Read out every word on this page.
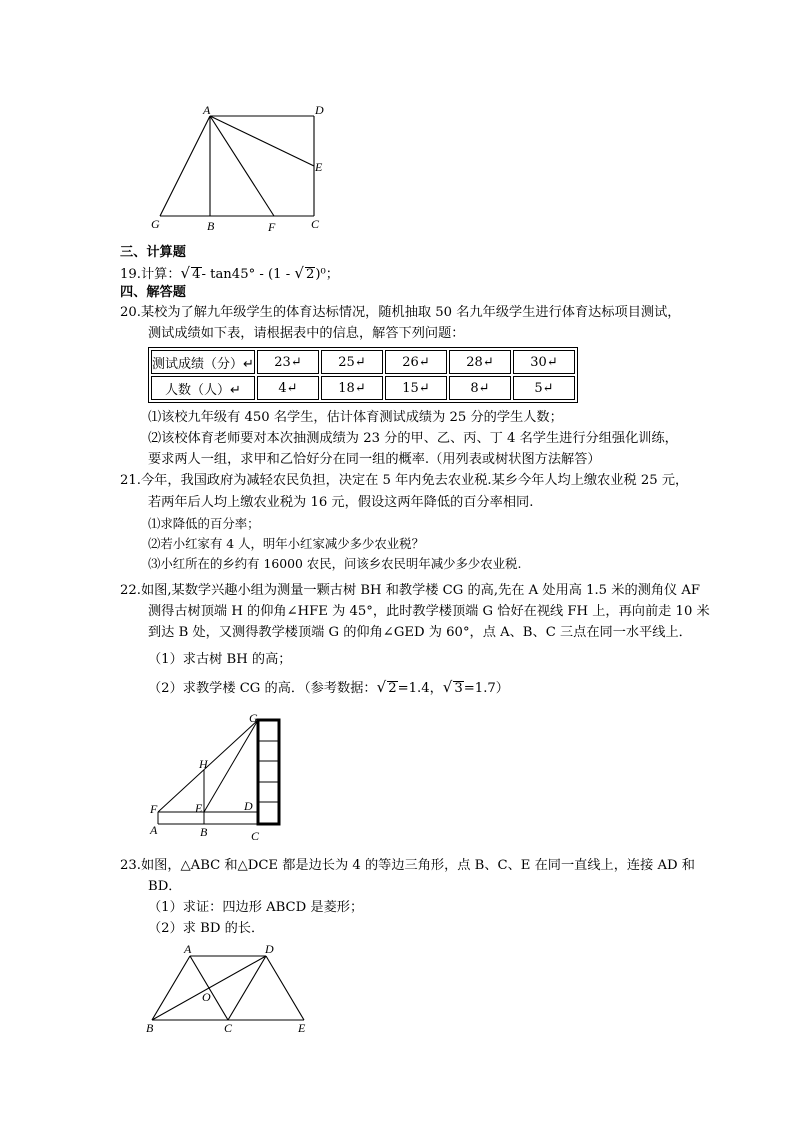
A	D
E
G	B	F	C
三、计算题
19.计算：√ 4- tan45° - (1 - √ 2)⁰；
四、解答题
20.某校为了解九年级学生的体育达标情况，随机抽取 50 名九年级学生进行体育达标项目测试，
测试成绩如下表，请根据表中的信息，解答下列问题：
测试成绩（分）↵	23↵	25↵	26↵	28↵	30↵
人数（人）↵	4↵	18↵	15↵	8↵	5↵
⑴该校九年级有 450 名学生，估计体育测试成绩为 25 分的学生人数；
⑵该校体育老师要对本次抽测成绩为 23 分的甲、乙、丙、丁 4 名学生进行分组强化训练，
要求两人一组，求甲和乙恰好分在同一组的概率.（用列表或树状图方法解答）
21.今年，我国政府为减轻农民负担，决定在 5 年内免去农业税.某乡今年人均上缴农业税 25 元，
若两年后人均上缴农业税为 16 元，假设这两年降低的百分率相同.
⑴求降低的百分率；
⑵若小红家有 4 人，明年小红家减少多少农业税？
⑶小红所在的乡约有 16000 农民，问该乡农民明年减少多少农业税.
22.如图,某数学兴趣小组为测量一颗古树 BH 和教学楼 CG 的高,先在 A 处用高 1.5 米的测角仪 AF
测得古树顶端 H 的仰角∠HFE 为 45°，此时教学楼顶端 G 恰好在视线 FH 上，再向前走 10 米
到达 B 处，又测得教学楼顶端 G 的仰角∠GED 为 60°，点 A、B、C 三点在同一水平线上．
（1）求古树 BH 的高；
（2）求教学楼 CG 的高．（参考数据：√ 2=1.4，√ 3=1.7）
G
H
F	E	D
A	B	C
23.如图，△ABC 和△DCE 都是边长为 4 的等边三角形，点 B、C、E 在同一直线上，连接 AD 和
BD．
（1）求证：四边形 ABCD 是菱形；
（2）求 BD 的长．
A	D
O
B	C	E
